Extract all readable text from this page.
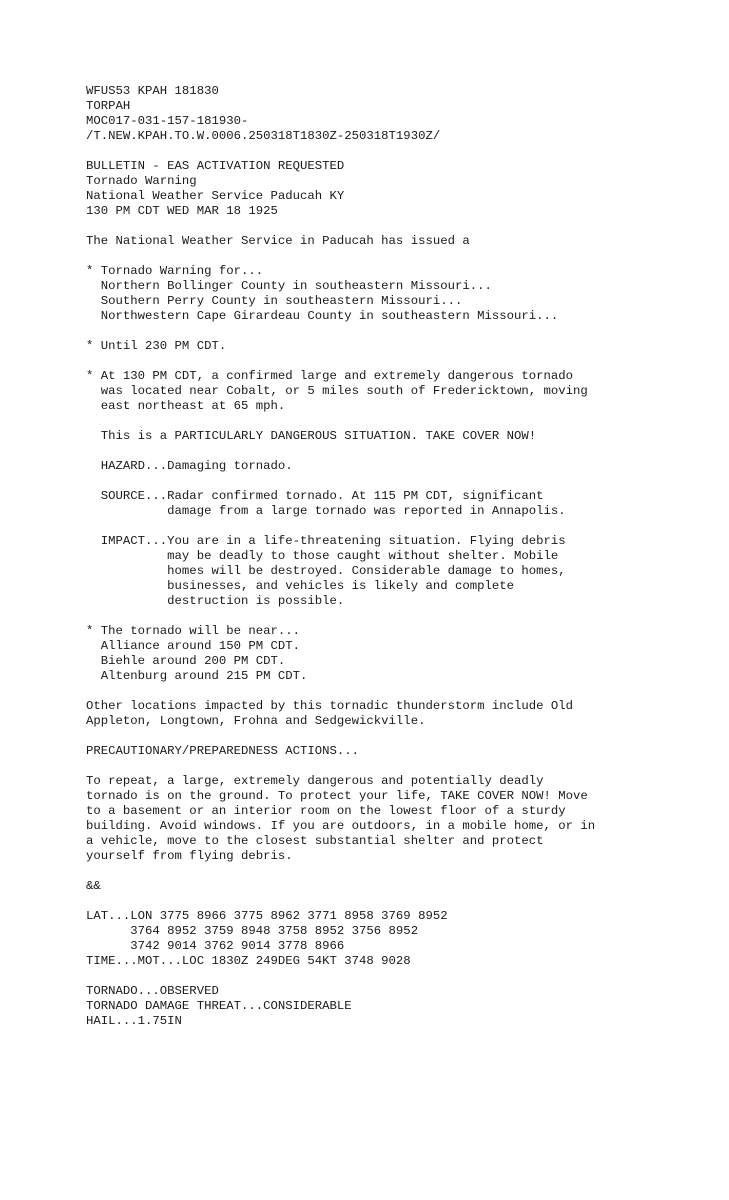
WFUS53 KPAH 181830
TORPAH
MOC017-031-157-181930-
/T.NEW.KPAH.TO.W.0006.250318T1830Z-250318T1930Z/
BULLETIN - EAS ACTIVATION REQUESTED
Tornado Warning
National Weather Service Paducah KY
130 PM CDT WED MAR 18 1925
The National Weather Service in Paducah has issued a
* Tornado Warning for...
Northern Bollinger County in southeastern Missouri...
Southern Perry County in southeastern Missouri...
Northwestern Cape Girardeau County in southeastern Missouri...
* Until 230 PM CDT.
* At 130 PM CDT, a confirmed large and extremely dangerous tornado
was located near Cobalt, or 5 miles south of Fredericktown, moving
east northeast at 65 mph.
This is a PARTICULARLY DANGEROUS SITUATION. TAKE COVER NOW!
HAZARD...Damaging tornado.
SOURCE...Radar confirmed tornado. At 115 PM CDT, significant
damage from a large tornado was reported in Annapolis.
IMPACT...You are in a life-threatening situation. Flying debris
may be deadly to those caught without shelter. Mobile
homes will be destroyed. Considerable damage to homes,
businesses, and vehicles is likely and complete
destruction is possible.
* The tornado will be near...
Alliance around 150 PM CDT.
Biehle around 200 PM CDT.
Altenburg around 215 PM CDT.
Other locations impacted by this tornadic thunderstorm include Old
Appleton, Longtown, Frohna and Sedgewickville.
PRECAUTIONARY/PREPAREDNESS ACTIONS...
To repeat, a large, extremely dangerous and potentially deadly
tornado is on the ground. To protect your life, TAKE COVER NOW! Move
to a basement or an interior room on the lowest floor of a sturdy
building. Avoid windows. If you are outdoors, in a mobile home, or in
a vehicle, move to the closest substantial shelter and protect
yourself from flying debris.
&&
LAT...LON 3775 8966 3775 8962 3771 8958 3769 8952
3764 8952 3759 8948 3758 8952 3756 8952
3742 9014 3762 9014 3778 8966
TIME...MOT...LOC 1830Z 249DEG 54KT 3748 9028
TORNADO...OBSERVED
TORNADO DAMAGE THREAT...CONSIDERABLE
HAIL...1.75IN
